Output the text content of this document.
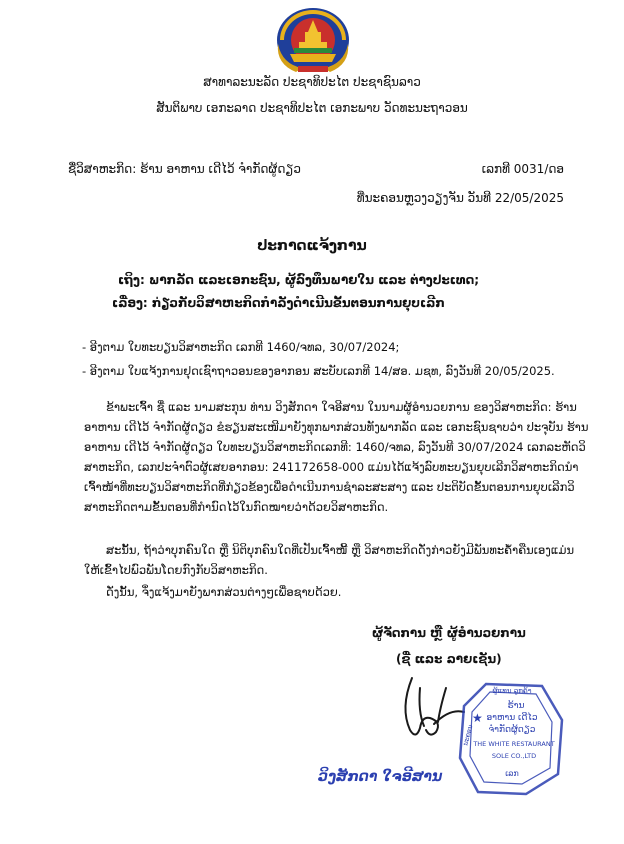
ສາທາລະນະລັດ ປະຊາທິປະໄຕ ປະຊາຊົນລາວ
ສັນຕິພາບ ເອກະລາດ ປະຊາທິປະໄຕ ເອກະພາບ ວັດທະນະຖາວອນ
ຊື່ວິສາຫະກິດ: ຮ້ານ ອາຫານ ເດີໄວ້ ຈໍາກັດຜູ້ດຽວ	ເລກທີ 0031/ດອ
ທີ່ນະຄອນຫຼວງວຽງຈັນ ວັນທີ 22/05/2025
ປະກາດແຈ້ງການ
ເຖິງ: ພາກລັດ ແລະເອກະຊົນ, ຜູ້ລົງທຶນພາຍໃນ ແລະ ຕ່າງປະເທດ;
ເລື່ອງ: ກ່ຽວກັບວິສາຫະກິດກຳລັງດຳເນີນຂັ້ນຕອນການຍຸບເລີກ
- ອີງຕາມ ໃບທະບຽນວິສາຫະກິດ ເລກທີ 1460/ຈທລ, 30/07/2024;
- ອີງຕາມ ໃບແຈ້ງການຢຸດເຊົາຖາວອນຂອງອາກອນ ສະບັບເລກທີ 14/ສອ. ມຊທ, ລົງວັນທີ 20/05/2025.
ຂ້າພະເຈົ້າ ຊື່ ແລະ ນາມສະກຸນ ທ່ານ ວິງສັກດາ ໃຈອີສານ ໃນນາມຜູ້ອໍານວຍການ ຂອງວິສາຫະກິດ: ຮ້ານ
ອາຫານ ເດີໄວ້ ຈໍາກັດຜູ້ດຽວ ຂໍຮຽນສະເໜີມາຍັງທຸກພາກສ່ວນທັງພາກລັດ ແລະ ເອກະຊົນຊາບວ່າ ປະຈຸບັນ ຮ້ານ
ອາຫານ ເດີໄວ້ ຈໍາກັດຜູ້ດຽວ ໃບທະບຽນວິສາຫະກິດເລກທີ: 1460/ຈທລ, ລົງວັນທີ 30/07/2024 ເລກລະຫັດວິ
ສາຫະກິດ, ເລກປະຈໍາຕົວຜູ້ເສຍອາກອນ: 241172658-000 ແມ່ນໄດ້ແຈ້ງລົບທະບຽນຍຸບເລີກວິສາຫະກິດນໍາ
ເຈົ້າໜ້າທີ່ທະບຽນວິສາຫະກິດທີ່ກ່ຽວຂ້ອງເພື່ອດໍາເນີນການຊໍາລະສະສາງ ແລະ ປະຕິບັດຂັ້ນຕອນການຍຸບເລີກວິ
ສາຫະກິດຕາມຂັ້ນຕອນທີ່ກໍານົດໄວ້ໃນກົດໝາຍວ່າດ້ວຍວິສາຫະກິດ.
ສະນັ້ນ, ຖ້າວ່າບຸກຄົນໃດ ຫຼື ນິຕິບຸກຄົນໃດທີ່ເປັນເຈົ້າໜີ້ ຫຼື ວິສາຫະກິດດັ່ງກ່າວຍັງມີພັນທະຄໍ້າຄືນເອງແມ່ນ
ໃຫ້ເຂົ້າໄປພົວພັນໂດຍກົງກັບວິສາຫະກິດ.
ດັ່ງນັ້ນ, ຈຶ່ງແຈ້ງມາຍັງພາກສ່ວນຕ່າງໆເພື່ອຊາບດ້ວຍ.
ຜູ້ຈັດການ ຫຼື ຜູ້ອໍານວຍການ
(ຊື່ ແລະ ລາຍເຊັນ)
ຜູ້ແທນ ລູກຄ້າ
ຮ້ານ
ອາຫານ ເດີໄວ
ຈຳກັດຜູ້ດຽວ
THE WHITE RESTAURANT
SOLE CO.,LTD
ເລກ
ນະຄອນ
★
ວິງສັກດາ ໃຈອີສານ
